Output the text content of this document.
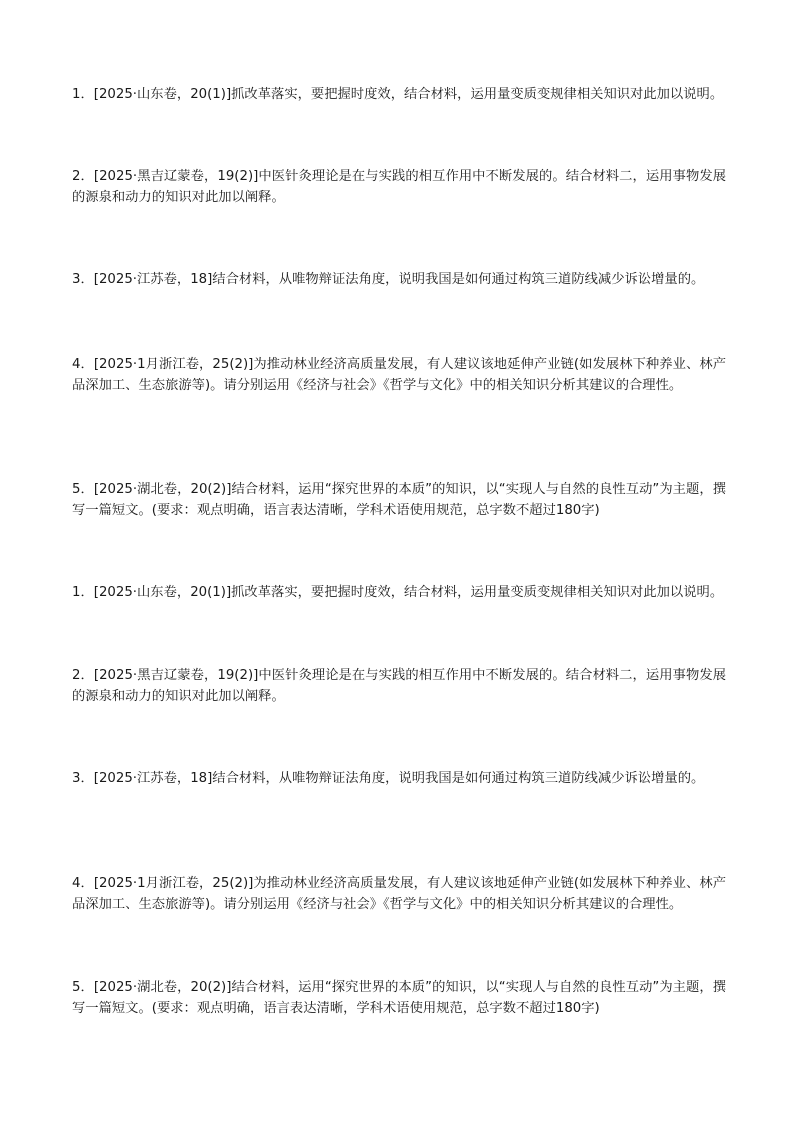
1．[2025·山东卷，20(1)]抓改革落实，要把握时度效，结合材料，运用量变质变规律相关知识对此加以说明。

2．[2025·黑吉辽蒙卷，19(2)]中医针灸理论是在与实践的相互作用中不断发展的。结合材料二，运用事物发展的源泉和动力的知识对此加以阐释。

3．[2025·江苏卷，18]结合材料，从唯物辩证法角度，说明我国是如何通过构筑三道防线减少诉讼增量的。

4．[2025·1月浙江卷，25(2)]为推动林业经济高质量发展，有人建议该地延伸产业链(如发展林下种养业、林产品深加工、生态旅游等)。请分别运用《经济与社会》《哲学与文化》中的相关知识分析其建议的合理性。

5．[2025·湖北卷，20(2)]结合材料，运用“探究世界的本质”的知识，以“实现人与自然的良性互动”为主题，撰写一篇短文。(要求：观点明确，语言表达清晰，学科术语使用规范，总字数不超过180字)

1．[2025·山东卷，20(1)]抓改革落实，要把握时度效，结合材料，运用量变质变规律相关知识对此加以说明。

2．[2025·黑吉辽蒙卷，19(2)]中医针灸理论是在与实践的相互作用中不断发展的。结合材料二，运用事物发展的源泉和动力的知识对此加以阐释。

3．[2025·江苏卷，18]结合材料，从唯物辩证法角度，说明我国是如何通过构筑三道防线减少诉讼增量的。

4．[2025·1月浙江卷，25(2)]为推动林业经济高质量发展，有人建议该地延伸产业链(如发展林下种养业、林产品深加工、生态旅游等)。请分别运用《经济与社会》《哲学与文化》中的相关知识分析其建议的合理性。

5．[2025·湖北卷，20(2)]结合材料，运用“探究世界的本质”的知识，以“实现人与自然的良性互动”为主题，撰写一篇短文。(要求：观点明确，语言表达清晰，学科术语使用规范，总字数不超过180字)
